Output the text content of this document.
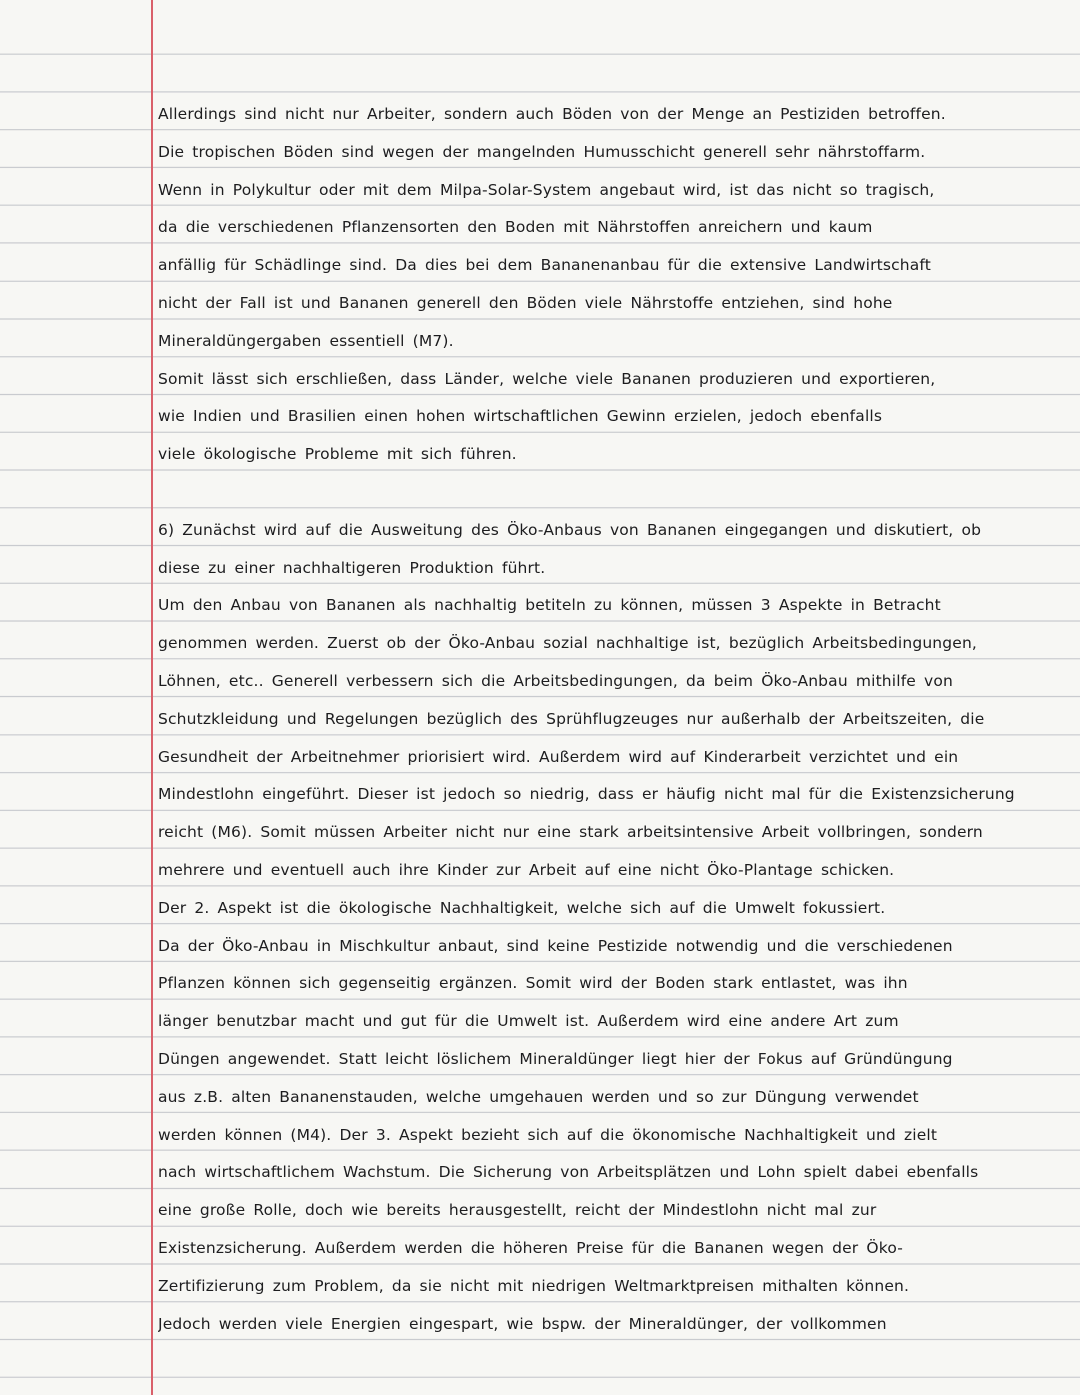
Allerdings sind nicht nur Arbeiter, sondern auch Böden von der Menge an Pestiziden betroffen.
Die tropischen Böden sind wegen der mangelnden Humusschicht generell sehr nährstoffarm.
Wenn in Polykultur oder mit dem Milpa-Solar-System angebaut wird, ist das nicht so tragisch,
da die verschiedenen Pflanzensorten den Boden mit Nährstoffen anreichern und kaum
anfällig für Schädlinge sind. Da dies bei dem Bananenanbau für die extensive Landwirtschaft
nicht der Fall ist und Bananen generell den Böden viele Nährstoffe entziehen, sind hohe
Mineraldüngergaben essentiell (M7).
Somit lässt sich erschließen, dass Länder, welche viele Bananen produzieren und exportieren,
wie Indien und Brasilien einen hohen wirtschaftlichen Gewinn erzielen, jedoch ebenfalls
viele ökologische Probleme mit sich führen.
6) Zunächst wird auf die Ausweitung des Öko-Anbaus von Bananen eingegangen und diskutiert, ob
diese zu einer nachhaltigeren Produktion führt.
Um den Anbau von Bananen als nachhaltig betiteln zu können, müssen 3 Aspekte in Betracht
genommen werden. Zuerst ob der Öko-Anbau sozial nachhaltige ist, bezüglich Arbeitsbedingungen,
Löhnen, etc.. Generell verbessern sich die Arbeitsbedingungen, da beim Öko-Anbau mithilfe von
Schutzkleidung und Regelungen bezüglich des Sprühflugzeuges nur außerhalb der Arbeitszeiten, die
Gesundheit der Arbeitnehmer priorisiert wird. Außerdem wird auf Kinderarbeit verzichtet und ein
Mindestlohn eingeführt. Dieser ist jedoch so niedrig, dass er häufig nicht mal für die Existenzsicherung
reicht (M6). Somit müssen Arbeiter nicht nur eine stark arbeitsintensive Arbeit vollbringen, sondern
mehrere und eventuell auch ihre Kinder zur Arbeit auf eine nicht Öko-Plantage schicken.
Der 2. Aspekt ist die ökologische Nachhaltigkeit, welche sich auf die Umwelt fokussiert.
Da der Öko-Anbau in Mischkultur anbaut, sind keine Pestizide notwendig und die verschiedenen
Pflanzen können sich gegenseitig ergänzen. Somit wird der Boden stark entlastet, was ihn
länger benutzbar macht und gut für die Umwelt ist. Außerdem wird eine andere Art zum
Düngen angewendet. Statt leicht löslichem Mineraldünger liegt hier der Fokus auf Gründüngung
aus z.B. alten Bananenstauden, welche umgehauen werden und so zur Düngung verwendet
werden können (M4). Der 3. Aspekt bezieht sich auf die ökonomische Nachhaltigkeit und zielt
nach wirtschaftlichem Wachstum. Die Sicherung von Arbeitsplätzen und Lohn spielt dabei ebenfalls
eine große Rolle, doch wie bereits herausgestellt, reicht der Mindestlohn nicht mal zur
Existenzsicherung. Außerdem werden die höheren Preise für die Bananen wegen der Öko-
Zertifizierung zum Problem, da sie nicht mit niedrigen Weltmarktpreisen mithalten können.
Jedoch werden viele Energien eingespart, wie bspw. der Mineraldünger, der vollkommen
